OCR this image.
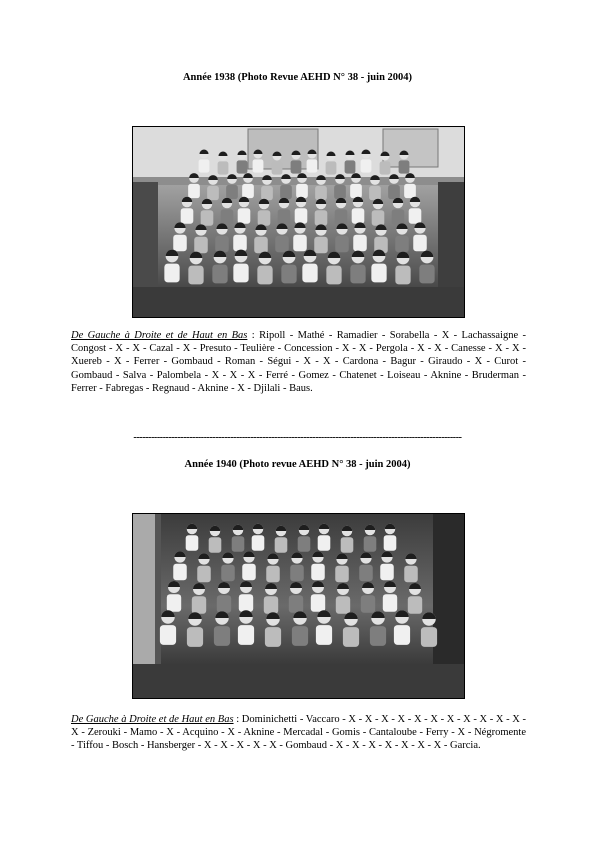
Année 1938 (Photo Revue AEHD N° 38 - juin 2004)
De Gauche à Droite et de Haut en Bas : Ripoll - Mathé - Ramadier - Sorabella - X - Lachassaigne - Congost - X - X - Cazal - X - Presuto - Teulière - Concession - X - X - Pergola - X - X - Canesse - X - X - Xuereb - X - Ferrer - Gombaud - Roman - Ségui - X - X - Cardona - Bagur - Giraudo - X - Curot - Gombaud - Salva - Palombela - X - X - X - Ferré - Gomez - Chatenet - Loiseau - Aknine - Bruderman - Ferrer - Fabregas - Regnaud - Aknine - X - Djilali - Baus.
----------------------------------------------------------------------------------------------------------------
Année 1940 (Photo revue AEHD N° 38 - juin 2004)
De Gauche à Droite et de Haut en Bas : Dominichetti - Vaccaro - X - X - X - X - X - X - X - X - X - X - X - X - Zerouki - Mamo - X - Acquino - X - Aknine - Mercadal - Gomis - Cantaloube - Ferry - X - Négromente - Tiffou - Bosch - Hansberger - X - X - X - X - X - Gombaud - X - X - X - X - X - X - X - Garcia.
